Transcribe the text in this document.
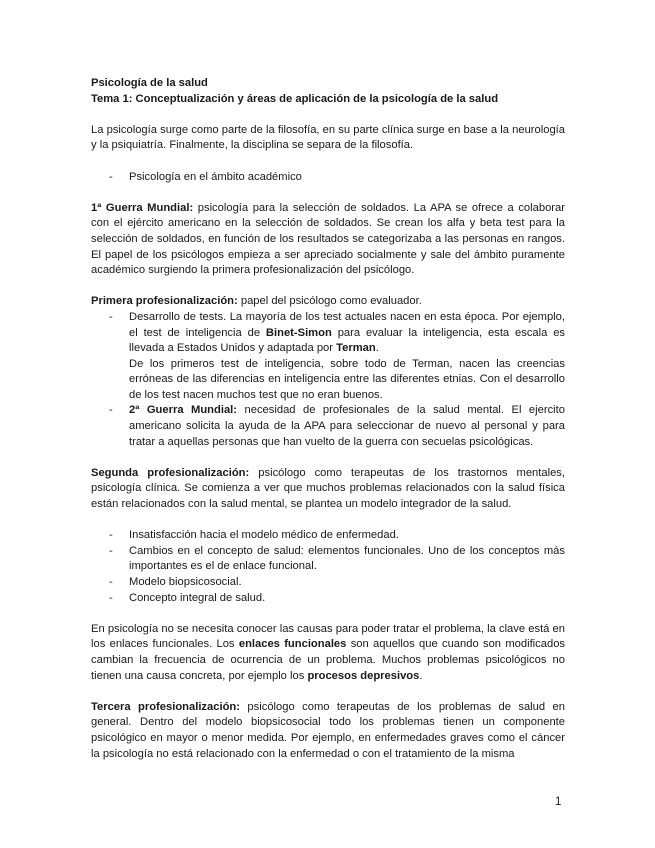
Psicología de la salud

Tema 1: Conceptualización y áreas de aplicación de la psicología de la salud

La psicología surge como parte de la filosofía, en su parte clínica surge en base a la neurología y la psiquiatría. Finalmente, la disciplina se separa de la filosofía.

- Psicología en el ámbito académico

1ª Guerra Mundial: psicología para la selección de soldados. La APA se ofrece a colaborar con el ejército americano en la selección de soldados. Se crean los alfa y beta test para la selección de soldados, en función de los resultados se categorizaba a las personas en rangos. El papel de los psicólogos empieza a ser apreciado socialmente y sale del ámbito puramente académico surgiendo la primera profesionalización del psicólogo.

Primera profesionalización: papel del psicólogo como evaluador.

- Desarrollo de tests. La mayoría de los test actuales nacen en esta época. Por ejemplo, el test de inteligencia de Binet-Simon para evaluar la inteligencia, esta escala es llevada a Estados Unidos y adaptada por Terman.

De los primeros test de inteligencia, sobre todo de Terman, nacen las creencias erróneas de las diferencias en inteligencia entre las diferentes etnias. Con el desarrollo de los test nacen muchos test que no eran buenos.

- 2ª Guerra Mundial: necesidad de profesionales de la salud mental. El ejercito americano solicita la ayuda de la APA para seleccionar de nuevo al personal y para tratar a aquellas personas que han vuelto de la guerra con secuelas psicológicas.

Segunda profesionalización: psicólogo como terapeutas de los trastornos mentales, psicología clínica. Se comienza a ver que muchos problemas relacionados con la salud física están relacionados con la salud mental, se plantea un modelo integrador de la salud.

- Insatisfacción hacia el modelo médico de enfermedad.
- Cambios en el concepto de salud: elementos funcionales. Uno de los conceptos más importantes es el de enlace funcional.
- Modelo biopsicosocial.
- Concepto integral de salud.

En psicología no se necesita conocer las causas para poder tratar el problema, la clave está en los enlaces funcionales. Los enlaces funcionales son aquellos que cuando son modificados cambian la frecuencia de ocurrencia de un problema. Muchos problemas psicológicos no tienen una causa concreta, por ejemplo los procesos depresivos.

Tercera profesionalización: psicólogo como terapeutas de los problemas de salud en general. Dentro del modelo biopsicosocial todo los problemas tienen un componente psicológico en mayor o menor medida. Por ejemplo, en enfermedades graves como el cáncer la psicología no está relacionado con la enfermedad o con el tratamiento de la misma

1
